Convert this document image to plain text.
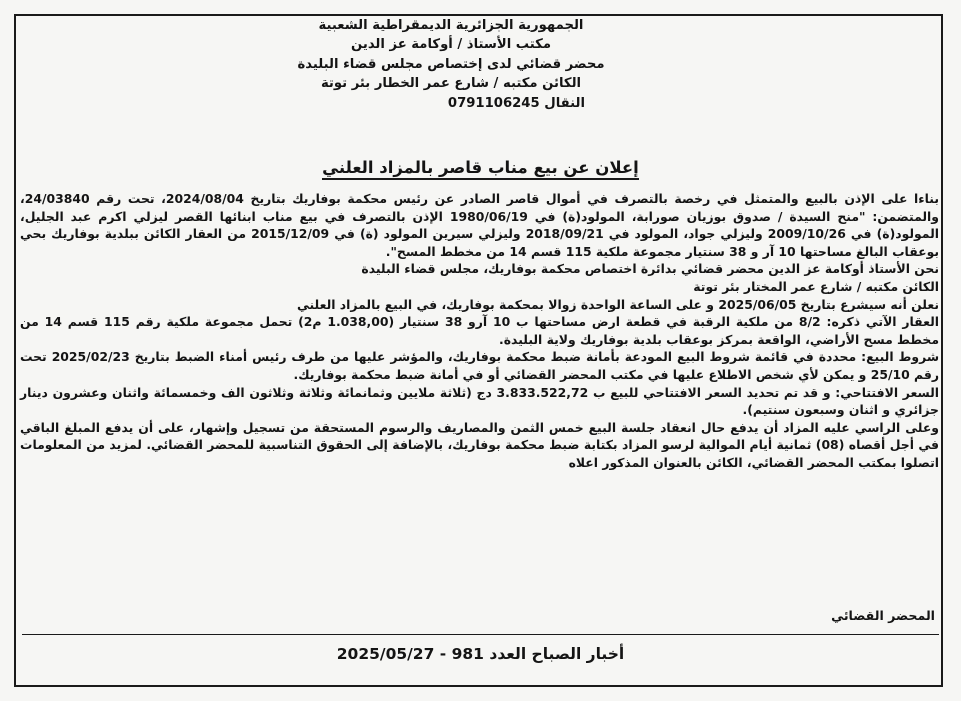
الجمهورية الجزائرية الديمقراطية الشعبية
مكتب الأستاذ / أوكامة عز الدين
محضر قضائي لدى إختصاص مجلس قضاء البليدة
الكائن مكتبه / شارع عمر الخطار بئر توتة
النقال 0791106245
إعلان عن بيع مناب قاصر بالمزاد العلني

بناءا على الإذن بالبيع والمتمثل في رخصة بالتصرف في أموال قاصر الصادر عن رئيس محكمة بوفاريك بتاريخ 2024/08/04، تحت رقم 24/03840، والمتضمن: "منح السيدة / صدوق بوزيان صورابة، المولود(ة) في 1980/06/19 الإذن بالتصرف في بيع مناب ابنائها القصر ليزلي اكرم عبد الجليل، المولود(ة) في 2009/10/26 وليزلي جواد، المولود في 2018/09/21 وليزلي سيرين المولود (ة) في 2015/12/09 من العقار الكائن ببلدية بوفاريك بحي بوعقاب البالغ مساحتها 10 آر و 38 سنتيار مجموعة ملكية 115 قسم 14 من مخطط المسح".

نحن الأستاذ أوكامة عز الدين محضر قضائي بدائرة اختصاص محكمة بوفاريك، مجلس قضاء البليدة

الكائن مكتبه / شارع عمر المختار بئر توتة

نعلن أنه سيشرع بتاريخ 2025/06/05 و على الساعة الواحدة زوالا بمحكمة بوفاريك، في البيع بالمزاد العلني

العقار الآتي ذكره: 8/2 من ملكية الرقبة في قطعة ارض مساحتها ب 10 آرو 38 سنتيار (1.038,00 م2) تحمل مجموعة ملكية رقم 115 قسم 14 من مخطط مسح الأراضي، الواقعة بمركز بوعقاب بلدية بوفاريك ولاية البليدة.

شروط البيع: محددة في قائمة شروط البيع المودعة بأمانة ضبط محكمة بوفاريك، والمؤشر عليها من طرف رئيس أمناء الضبط بتاريخ 2025/02/23 تحت رقم 25/10 و يمكن لأي شخص الاطلاع عليها في مكتب المحضر القضائي أو في أمانة ضبط محكمة بوفاريك.

السعر الافتتاحي: و قد تم تحديد السعر الافتتاحي للبيع ب 3.833.522,72 دج (ثلاثة ملايين وثمانمائة وثلاثة وثلاثون الف وخمسمائة واثنان وعشرون دينار جزائري و اثنان وسبعون سنتيم).

وعلى الراسي عليه المزاد أن يدفع حال انعقاد جلسة البيع خمس الثمن والمصاريف والرسوم المستحقة من تسجيل وإشهار، على أن يدفع المبلغ الباقي في أجل أقصاه (08) ثمانية أيام الموالية لرسو المزاد بكتابة ضبط محكمة بوفاريك، بالإضافة إلى الحقوق التناسبية للمحضر القضائي. لمزيد من المعلومات اتصلوا بمكتب المحضر القضائي، الكائن بالعنوان المذكور اعلاه

المحضر القضائي
أخبار الصباح العدد 981 - 2025/05/27
